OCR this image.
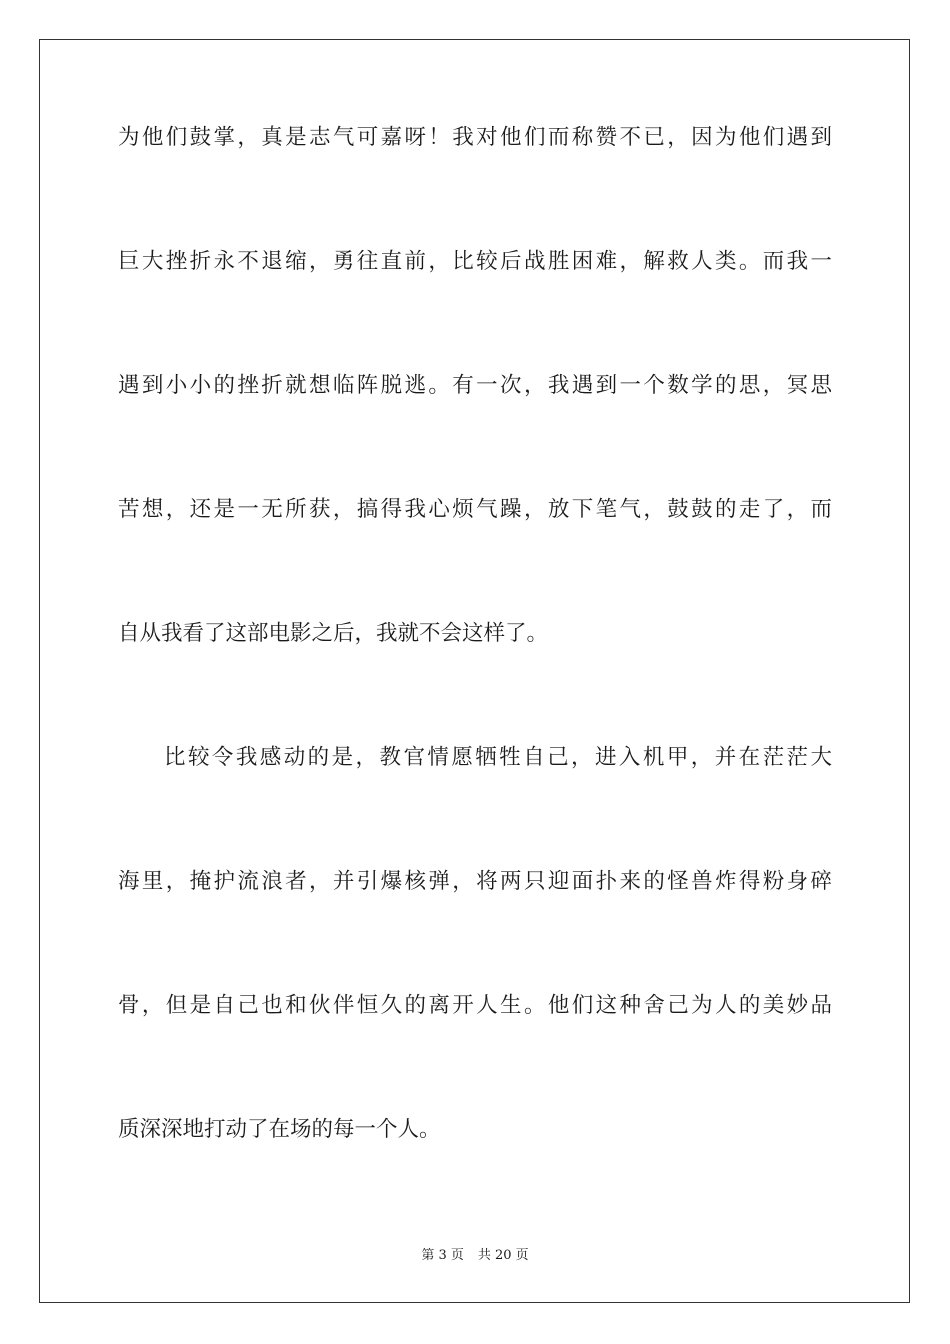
为他们鼓掌，真是志气可嘉呀！我对他们而称赞不已，因为他们遇到

巨大挫折永不退缩，勇往直前，比较后战胜困难，解救人类。而我一

遇到小小的挫折就想临阵脱逃。有一次，我遇到一个数学的思，冥思

苦想，还是一无所获，搞得我心烦气躁，放下笔气，鼓鼓的走了，而

自从我看了这部电影之后，我就不会这样了。

比较令我感动的是，教官情愿牺牲自己，进入机甲，并在茫茫大

海里，掩护流浪者，并引爆核弹，将两只迎面扑来的怪兽炸得粉身碎

骨，但是自己也和伙伴恒久的离开人生。他们这种舍己为人的美妙品

质深深地打动了在场的每一个人。

第 3 页 共 20 页
